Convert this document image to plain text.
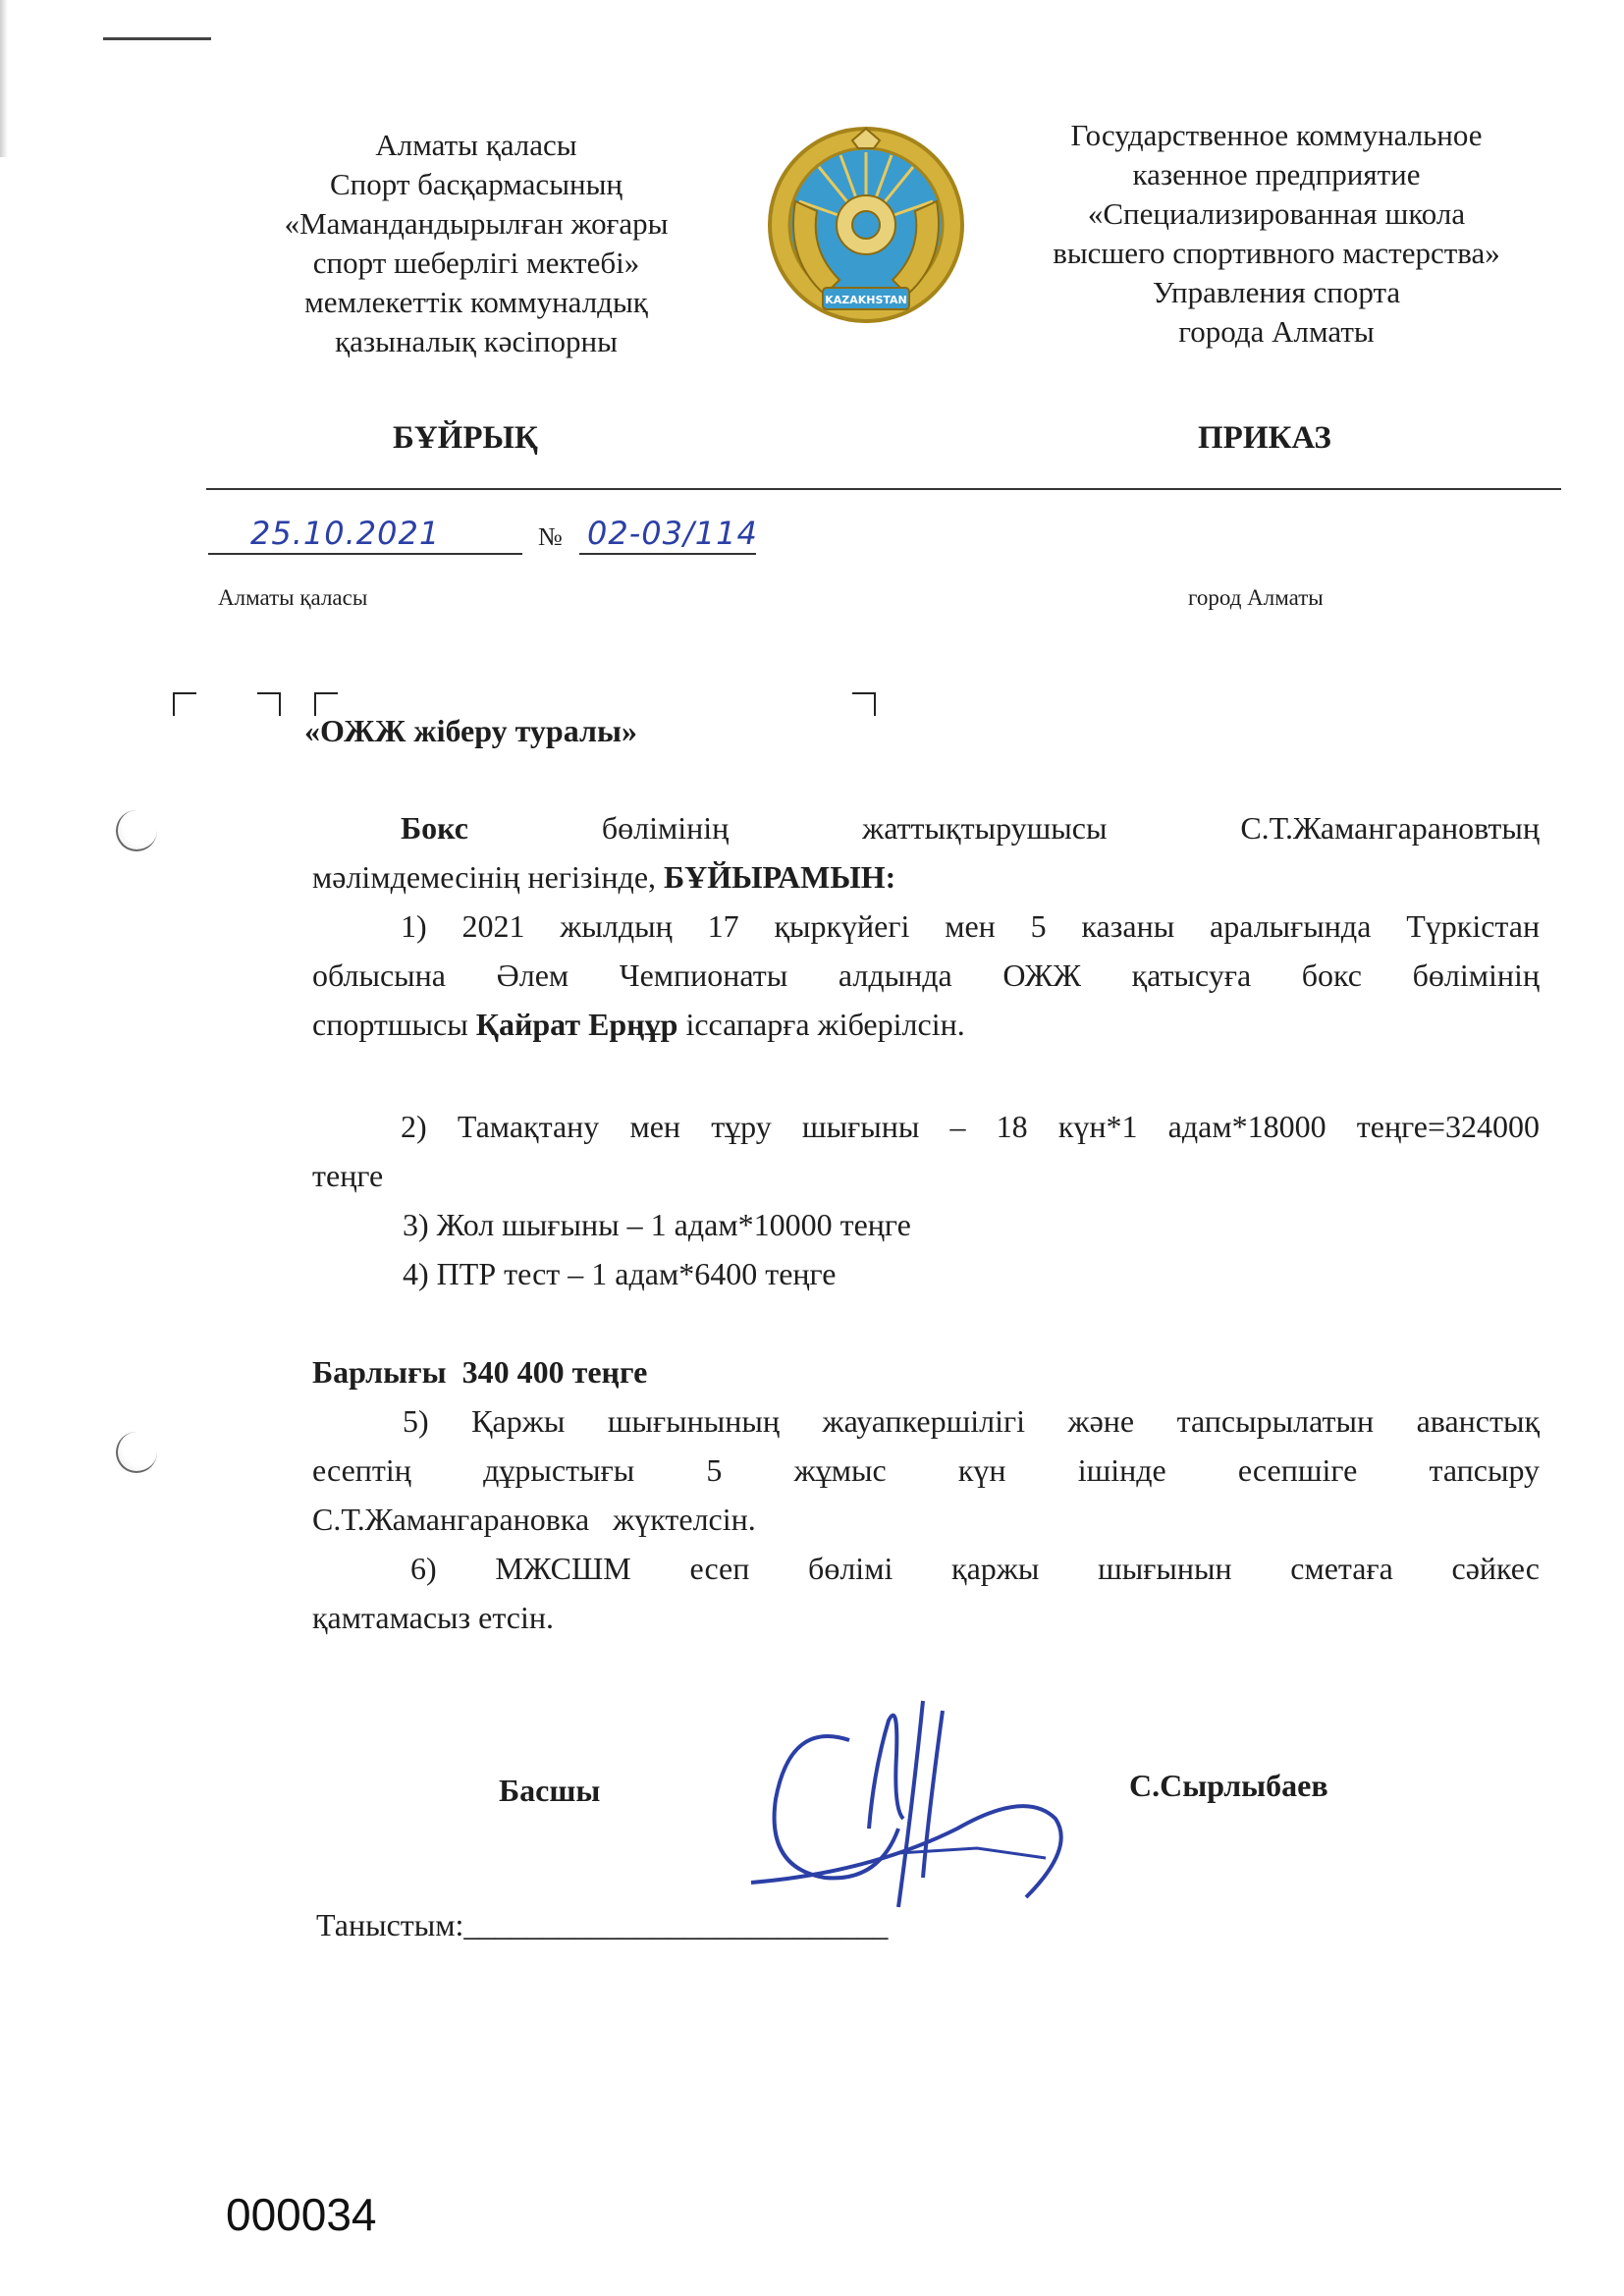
Алматы қаласы
Спорт басқармасының
«Мамандандырылған жоғары
спорт шеберлігі мектебі»
мемлекеттік коммуналдық
қазыналық кәсіпорны
KAZAKHSTAN
Государственное коммунальное
казенное предприятие
«Специализированная школа
высшего спортивного мастерства»
Управления спорта
города Алматы
БҰЙРЫҚ	ПРИКАЗ
25.10.2021	№ 02-03/114
Алматы қаласы	город Алматы
«ОЖЖ жіберу туралы»
Бокс	бөлімінің	жаттықтырушысы	С.Т.Жамангарановтың
мәлімдемесінің негізінде, БҰЙЫРАМЫН:
1) 2021 жылдың 17 қыркүйегі мен 5 казаны аралығында Түркістан
облысына Әлем Чемпионаты алдында ОЖЖ қатысуға бокс бөлімінің
спортшысы Қайрат Ерңұр іссапарға жіберілсін.
2) Тамақтану мен тұру шығыны – 18 күн*1 адам*18000 теңге=324000
теңге
3) Жол шығыны – 1 адам*10000 теңге
4) ПТР тест – 1 адам*6400 теңге
Барлығы  340 400 теңге
5) Қаржы шығынының жауапкершілігі және тапсырылатын аванстық
есептің дұрыстығы 5 жұмыс күн ішінде есепшіге тапсыру
С.Т.Жамангарановка   жүктелсін.
6) МЖСШМ есеп бөлімі қаржы шығынын сметаға сәйкес
қамтамасыз етсін.
Басшы	С.Сырлыбаев
Таныстым:___________________________
000034
